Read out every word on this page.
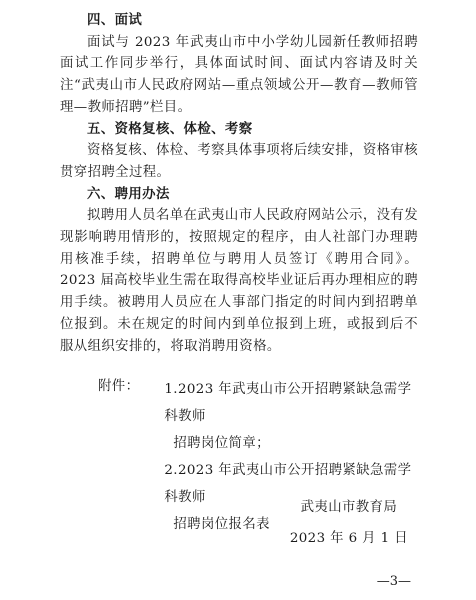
四、面试

面试与 2023 年武夷山市中小学幼儿园新任教师招聘面试工作同步举行，具体面试时间、面试内容请及时关注“武夷山市人民政府网站—重点领域公开—教育—教师管理—教师招聘”栏目。

五、资格复核、体检、考察

资格复核、体检、考察具体事项将后续安排，资格审核贯穿招聘全过程。

六、聘用办法

拟聘用人员名单在武夷山市人民政府网站公示，没有发现影响聘用情形的，按照规定的程序，由人社部门办理聘用核准手续，招聘单位与聘用人员签订《聘用合同》。2023 届高校毕业生需在取得高校毕业证后再办理相应的聘用手续。被聘用人员应在人事部门指定的时间内到招聘单位报到。未在规定的时间内到单位报到上班，或报到后不服从组织安排的，将取消聘用资格。

附件：	1.2023 年武夷山市公开招聘紧缺急需学科教师
招聘岗位简章；
2.2023 年武夷山市公开招聘紧缺急需学科教师
招聘岗位报名表
武夷山市教育局
2023 年 6 月 1 日
—3—
